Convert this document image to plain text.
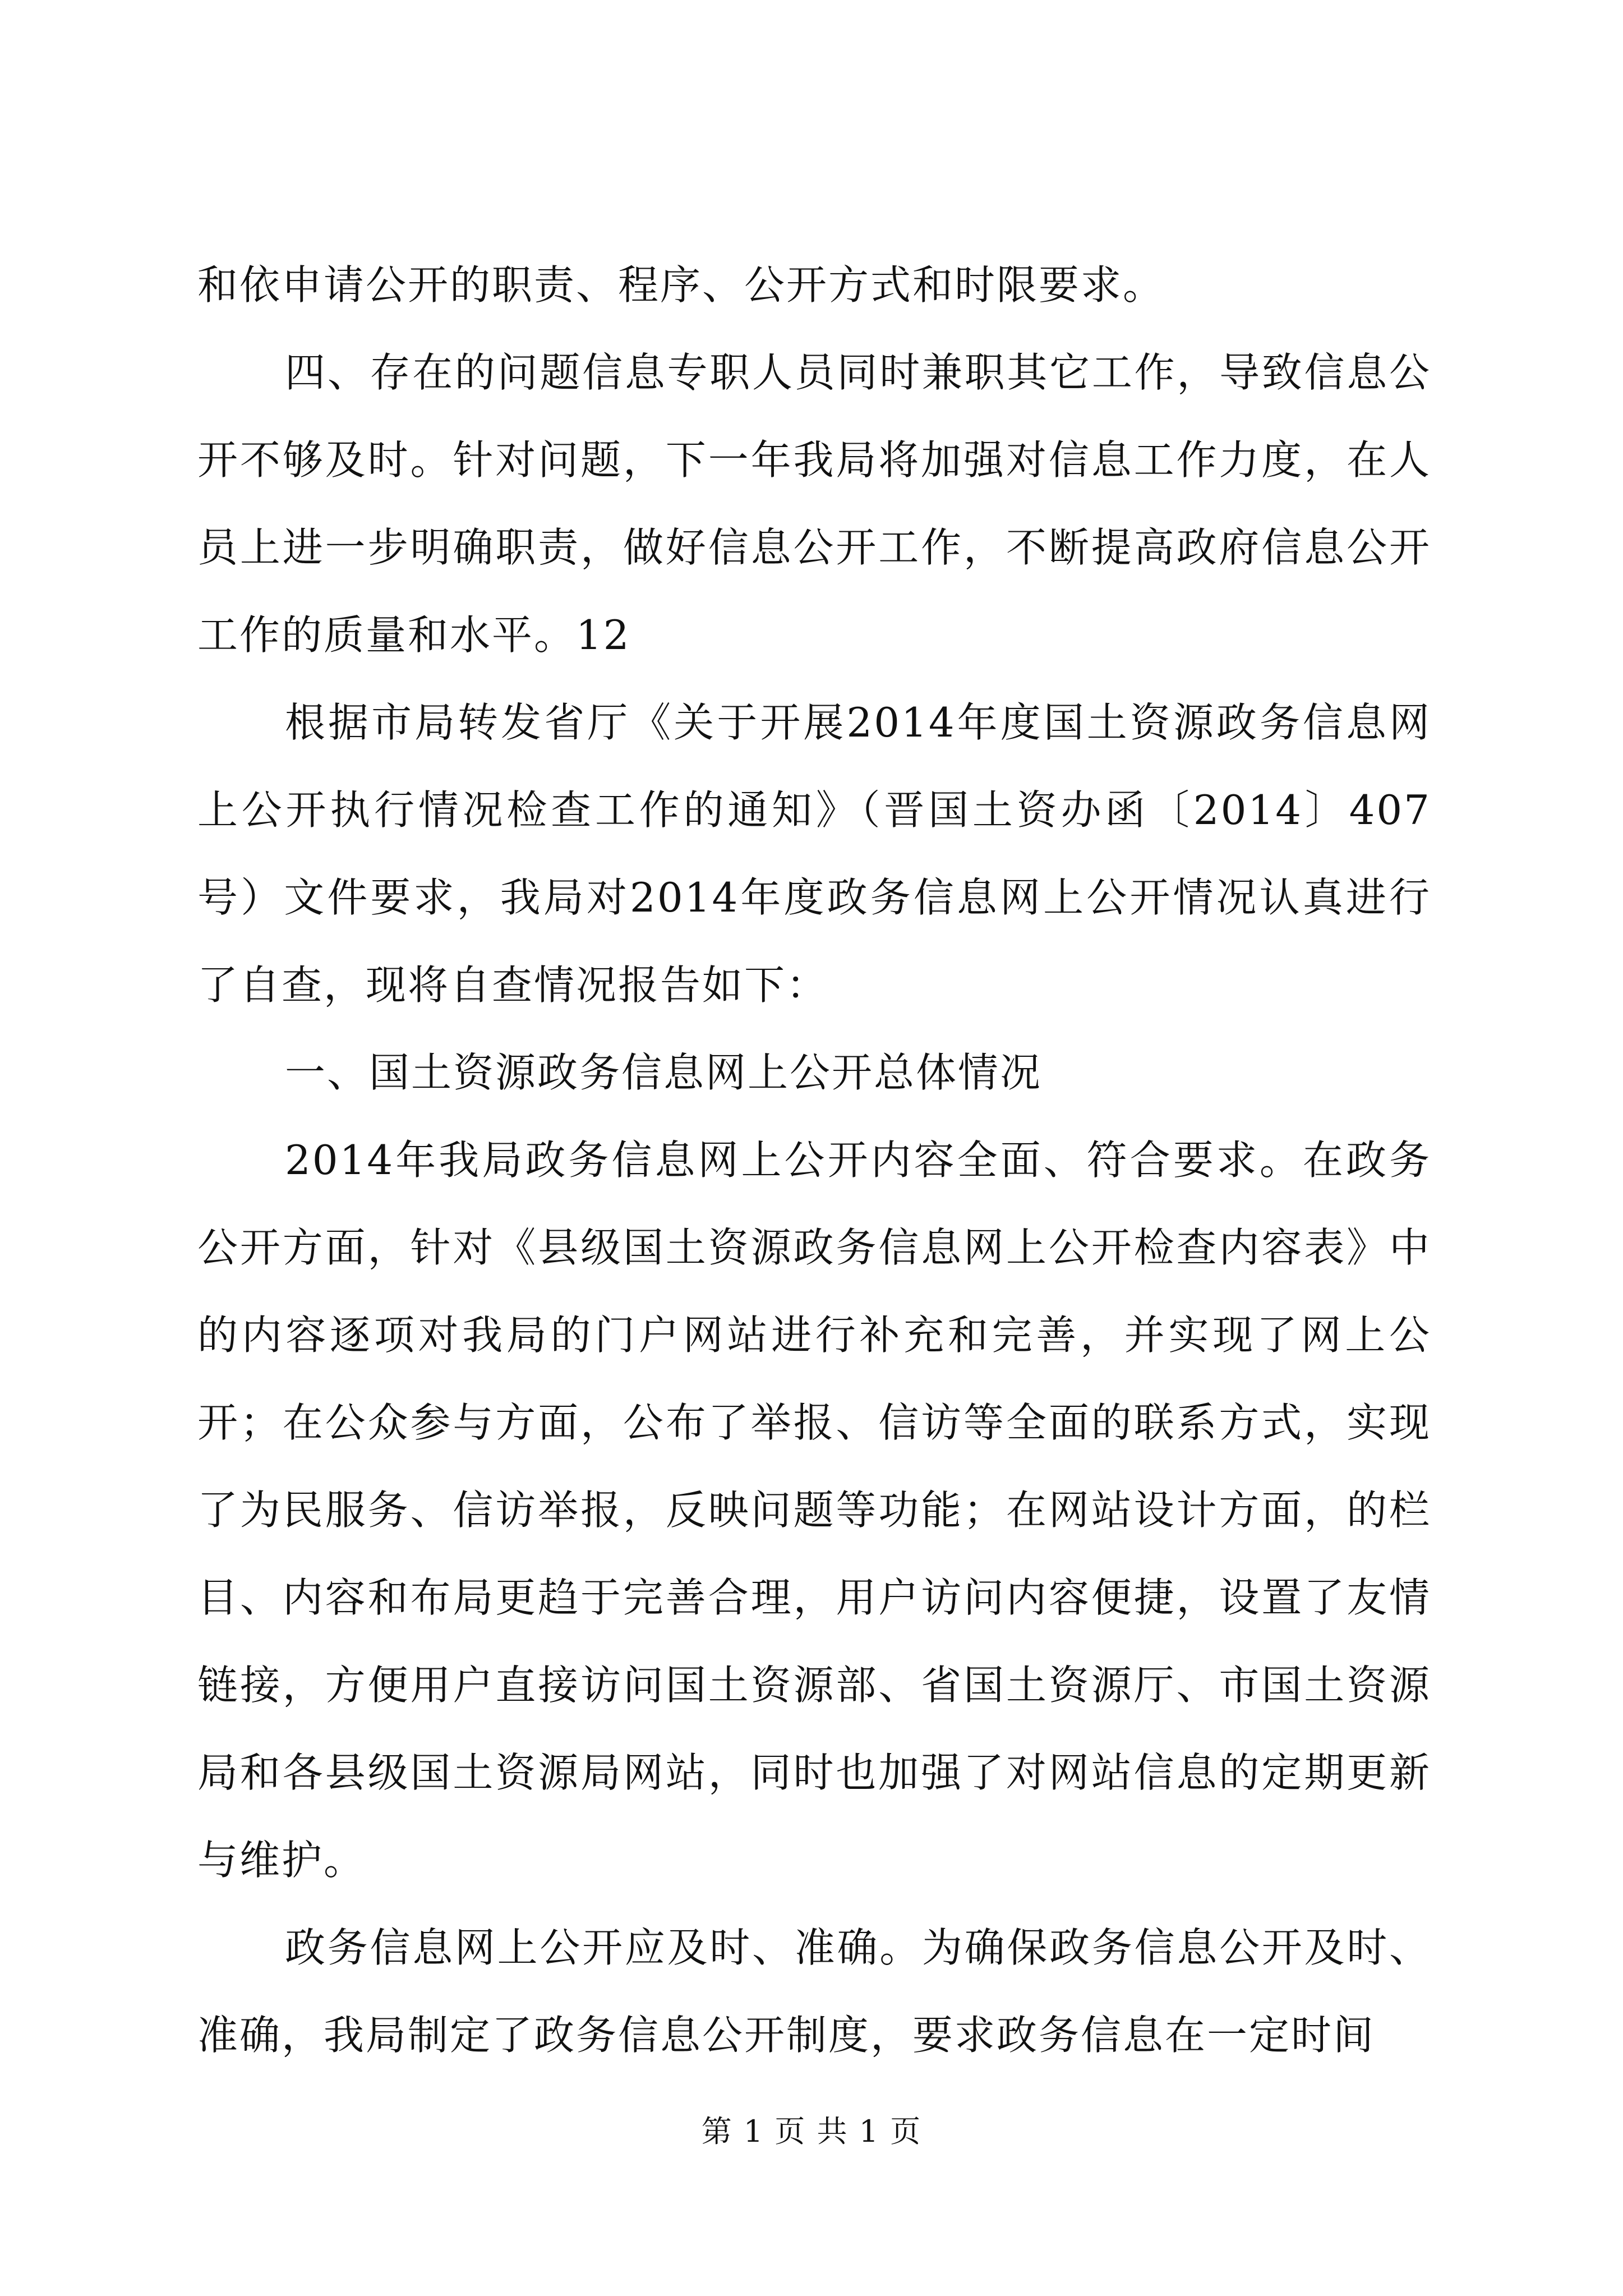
和依申请公开的职责、程序、公开方式和时限要求。

四、存在的问题信息专职人员同时兼职其它工作，导致信息公开不够及时。针对问题，下一年我局将加强对信息工作力度，在人员上进一步明确职责，做好信息公开工作，不断提高政府信息公开工作的质量和水平。12

根据市局转发省厅《关于开展2014年度国土资源政务信息网上公开执行情况检查工作的通知》（晋国土资办函〔2014〕407号）文件要求，我局对2014年度政务信息网上公开情况认真进行了自查，现将自查情况报告如下：

一、国土资源政务信息网上公开总体情况

2014年我局政务信息网上公开内容全面、符合要求。在政务公开方面，针对《县级国土资源政务信息网上公开检查内容表》中的内容逐项对我局的门户网站进行补充和完善，并实现了网上公开；在公众参与方面，公布了举报、信访等全面的联系方式，实现了为民服务、信访举报，反映问题等功能；在网站设计方面，的栏目、内容和布局更趋于完善合理，用户访问内容便捷，设置了友情链接，方便用户直接访问国土资源部、省国土资源厅、市国土资源局和各县级国土资源局网站，同时也加强了对网站信息的定期更新与维护。

政务信息网上公开应及时、准确。为确保政务信息公开及时、准确，我局制定了政务信息公开制度，要求政务信息在一定时间

第 1 页 共 1 页
